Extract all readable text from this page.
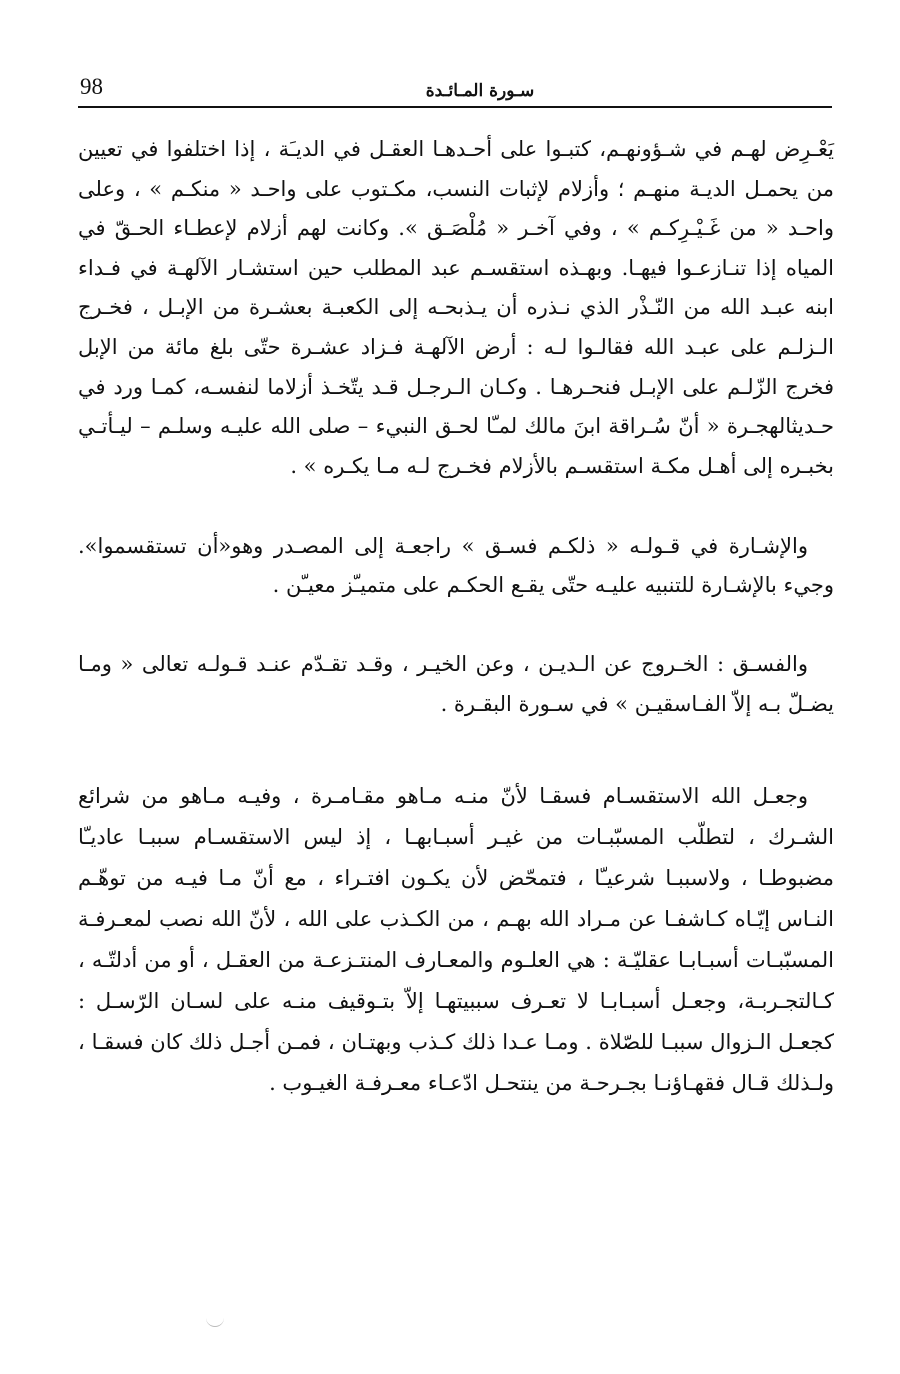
98	سـورة المـائـدة

يَعْـرِض لهـم في شـؤونهـم، كتبـوا على أحـدهـا العقـل في الديـَة ، إذا اختلفوا في تعيين من يحمـل الديـة منهـم ؛ وأزلام لإثبات النسب، مكـتوب على واحـد « منكـم » ، وعلى واحـد « من غَـيْـرِكـم » ، وفي آخـر « مُلْصَـق ». وكانت لهم أزلام لإعطـاء الحـقّ في المياه إذا تنـازعـوا فيهـا. وبهـذه استقسـم عبد المطلب حين استشـار الآلهـة في فـداء ابنه عبـد الله من النّـذْر الذي نـذره أن يـذبحـه إلى الكعبـة بعشـرة من الإبـل ، فخـرج الـزلـم على عبـد الله فقالـوا لـه : أرض الآلهـة فـزاد عشـرة حتّى بلغ مائة من الإبل فخرج الزّلـم على الإبـل فنحـرهـا . وكـان الـرجـل قـد يتّخـذ أزلاما لنفسـه، كمـا ورد في حـديثالهجـرة « أنّ سُـراقة ابنَ مالك لمـّا لحـق النبيء – صلى الله عليـه وسلـم – ليـأتـي بخبـره إلى أهـل مكـة استقسـم بالأزلام فخـرج لـه مـا يكـره » .

والإشـارة في قـولـه « ذلكـم فسـق » راجعـة إلى المصـدر وهو«أن تستقسموا». وجيء بالإشـارة للتنبيه عليـه حتّى يقـع الحكـم على متميـّز معيـّن .

والفسـق : الخـروج عن الـديـن ، وعن الخيـر ، وقـد تقـدّم عنـد قـولـه تعالى « ومـا يضـلّ بـه إلاّ الفـاسقيـن » في سـورة البقـرة .

وجعـل الله الاستقسـام فسقـا لأنّ منـه مـاهو مقـامـرة ، وفيـه مـاهو من شرائع الشـرك ، لتطلّب المسبّبـات من غيـر أسبـابهـا ، إذ ليس الاستقسـام سببـا عاديـّا مضبوطـا ، ولاسببـا شرعيـّا ، فتمحّض لأن يكـون افتـراء ، مع أنّ مـا فيـه من توهّـم النـاس إيّـاه كـاشفـا عن مـراد الله بهـم ، من الكـذب على الله ، لأنّ الله نصب لمعـرفـة المسبّبـات أسبـابـا عقليّـة : هي العلـوم والمعـارف المنتـزعـة من العقـل ، أو من أدلتّـه ، كـالتجـربـة، وجعـل أسبـابـا لا تعـرف سببيتهـا إلاّ بتـوقيف منـه على لسـان الرّسـل : كجعـل الـزوال سببـا للصّلاة . ومـا عـدا ذلك كـذب وبهتـان ، فمـن أجـل ذلك كان فسقـا ، ولـذلك قـال فقهـاؤنـا بجـرحـة من ينتحـل ادّعـاء معـرفـة الغيـوب .
